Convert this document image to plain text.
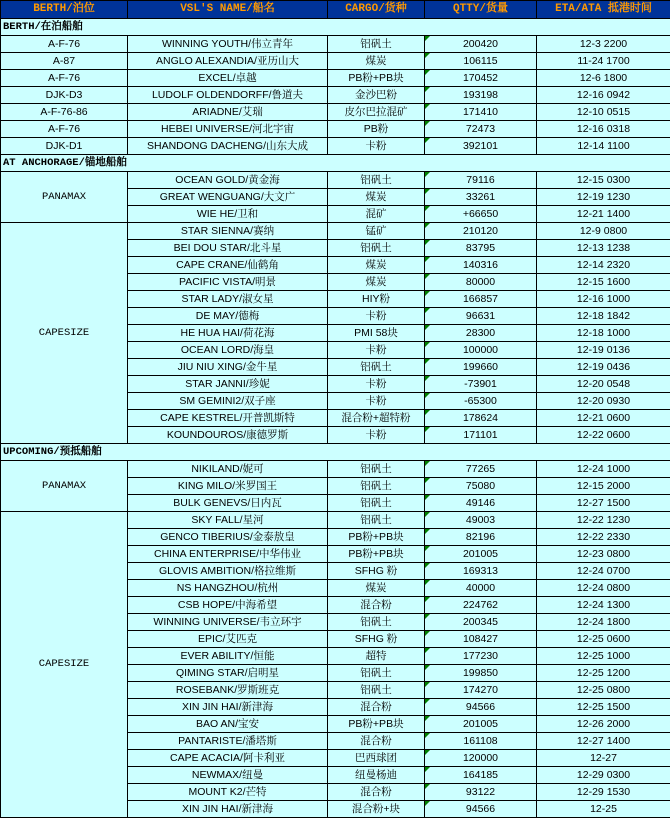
BERTH/泊位	VSL'S NAME/船名	CARGO/货种	QTTY/货量	ETA/ATA 抵港时间
BERTH/在泊船舶				
A-F-76	WINNING YOUTH/伟立青年	铝矾土	200420	12-3 2200
A-87	ANGLO ALEXANDIA/亚历山大	煤炭	106115	11-24 1700
A-F-76	EXCEL/卓越	PB粉+PB块	170452	12-6 1800
DJK-D3	LUDOLF OLDENDORFF/鲁道夫	金沙巴粉	193198	12-16 0942
A-F-76-86	ARIADNE/艾瑞	皮尔巴拉混矿	171410	12-10 0515
A-F-76	HEBEI UNIVERSE/河北宇宙	PB粉	72473	12-16 0318
DJK-D1	SHANDONG DACHENG/山东大成	卡粉	392101	12-14 1100
AT ANCHORAGE/锚地船舶				
PANAMAX	OCEAN GOLD/黄金海	铝矾土	79116	12-15 0300
	GREAT WENGUANG/大文广	煤炭	33261	12-19 1230
	WIE HE/卫和	混矿	+66650	12-21 1400
CAPESIZE	STAR SIENNA/赛纳	锰矿	210120	12-9 0800
	BEI DOU STAR/北斗星	铝矾土	83795	12-13 1238
	CAPE CRANE/仙鹤角	煤炭	140316	12-14 2320
	PACIFIC VISTA/明景	煤炭	80000	12-15 1600
	STAR LADY/淑女星	HIY粉	166857	12-16 1000
	DE MAY/德梅	卡粉	96631	12-18 1842
	HE HUA HAI/荷花海	PMI 58块	28300	12-18 1000
	OCEAN LORD/海皇	卡粉	100000	12-19 0136
	JIU NIU XING/金牛星	铝矾土	199660	12-19 0436
	STAR JANNI/珍妮	卡粉	-73901	12-20 0548
	SM GEMINI2/双子座	卡粉	-65300	12-20 0930
	CAPE KESTREL/开普凯斯特	混合粉+超特粉	178624	12-21 0600
	KOUNDOUROS/康德罗斯	卡粉	171101	12-22 0600
UPCOMING/预抵船舶				
PANAMAX	NIKILAND/妮可	铝矾土	77265	12-24 1000
	KING MILO/米罗国王	铝矾土	75080	12-15 2000
	BULK GENEVS/日内瓦	铝矾土	49146	12-27 1500
CAPESIZE	SKY FALL/星河	铝矾土	49003	12-22 1230
	GENCO TIBERIUS/金泰敖皇	PB粉+PB块	82196	12-22 2330
	CHINA ENTERPRISE/中华伟业	PB粉+PB块	201005	12-23 0800
	GLOVIS AMBITION/格拉维斯	SFHG 粉	169313	12-24 0700
	NS HANGZHOU/杭州	煤炭	40000	12-24 0800
	CSB HOPE/中海希望	混合粉	224762	12-24 1300
	WINNING UNIVERSE/韦立环宇	铝矾土	200345	12-24 1800
	EPIC/艾匹克	SFHG 粉	108427	12-25 0600
	EVER ABILITY/恒能	超特	177230	12-25 1000
	QIMING STAR/启明星	铝矾土	199850	12-25 1200
	ROSEBANK/罗斯班克	铝矾土	174270	12-25 0800
	XIN JIN HAI/新津海	混合粉	94566	12-25 1500
	BAO AN/宝安	PB粉+PB块	201005	12-26 2000
	PANTARISTE/潘塔斯	混合粉	161108	12-27 1400
	CAPE ACACIA/阿卡利亚	巴西球团	120000	12-27
	NEWMAX/纽曼	纽曼杨迪	164185	12-29 0300
	MOUNT K2/芒特	混合粉	93122	12-29 1530
	XIN JIN HAI/新津海	混合粉+块	94566	12-25
